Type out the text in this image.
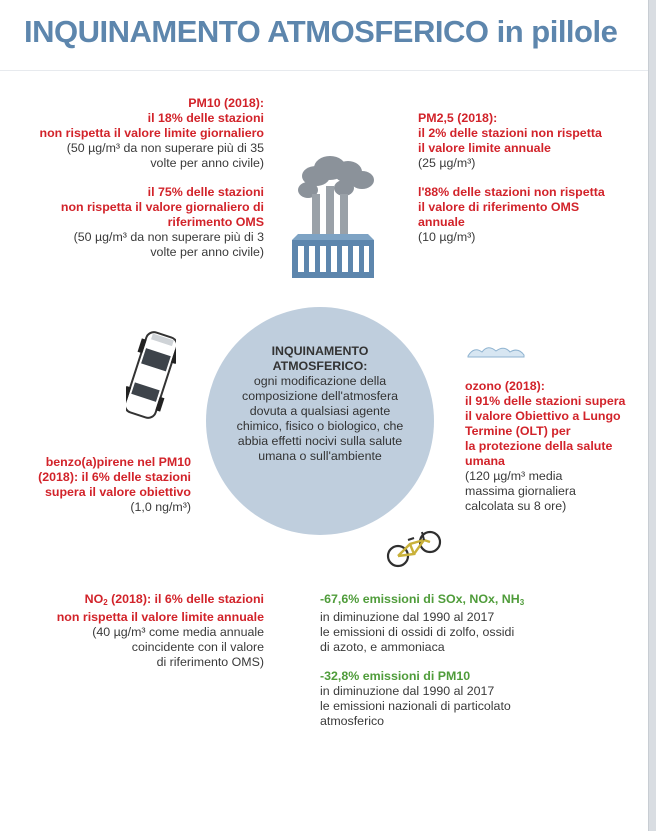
INQUINAMENTO ATMOSFERICO in pillole
PM10 (2018):
il 18% delle stazioni
non rispetta il valore limite giornaliero
(50 µg/m³ da non superare più di 35
volte per anno civile)
il 75% delle stazioni
non rispetta il valore giornaliero di
riferimento OMS
(50 µg/m³ da non superare più di 3
volte per anno civile)
PM2,5 (2018):
il 2% delle stazioni non rispetta
il valore limite annuale
(25 µg/m³)
l'88% delle stazioni non rispetta
il valore di riferimento OMS
annuale
(10 µg/m³)
INQUINAMENTO
ATMOSFERICO:
ogni modificazione della
composizione dell'atmosfera
dovuta a qualsiasi agente
chimico, fisico o biologico, che
abbia effetti nocivi sulla salute
umana o sull'ambiente
benzo(a)pirene nel PM10
(2018): il 6% delle stazioni
supera il valore obiettivo
(1,0 ng/m³)
ozono (2018):
il 91% delle stazioni supera
il valore Obiettivo a Lungo
Termine (OLT) per
la protezione della salute
umana
(120 µg/m³ media
massima giornaliera
calcolata su 8 ore)
$NO_2$ (2018): il 6% delle stazioni
non rispetta il valore limite annuale
(40 µg/m³ come media annuale
coincidente con il valore
di riferimento OMS)
-67,6% emissioni di SOx, NOx, $NH_3$
in diminuzione dal 1990 al 2017
le emissioni di ossidi di zolfo, ossidi
di azoto, e ammoniaca
-32,8% emissioni di PM10
in diminuzione dal 1990 al 2017
le emissioni nazionali di particolato
atmosferico
